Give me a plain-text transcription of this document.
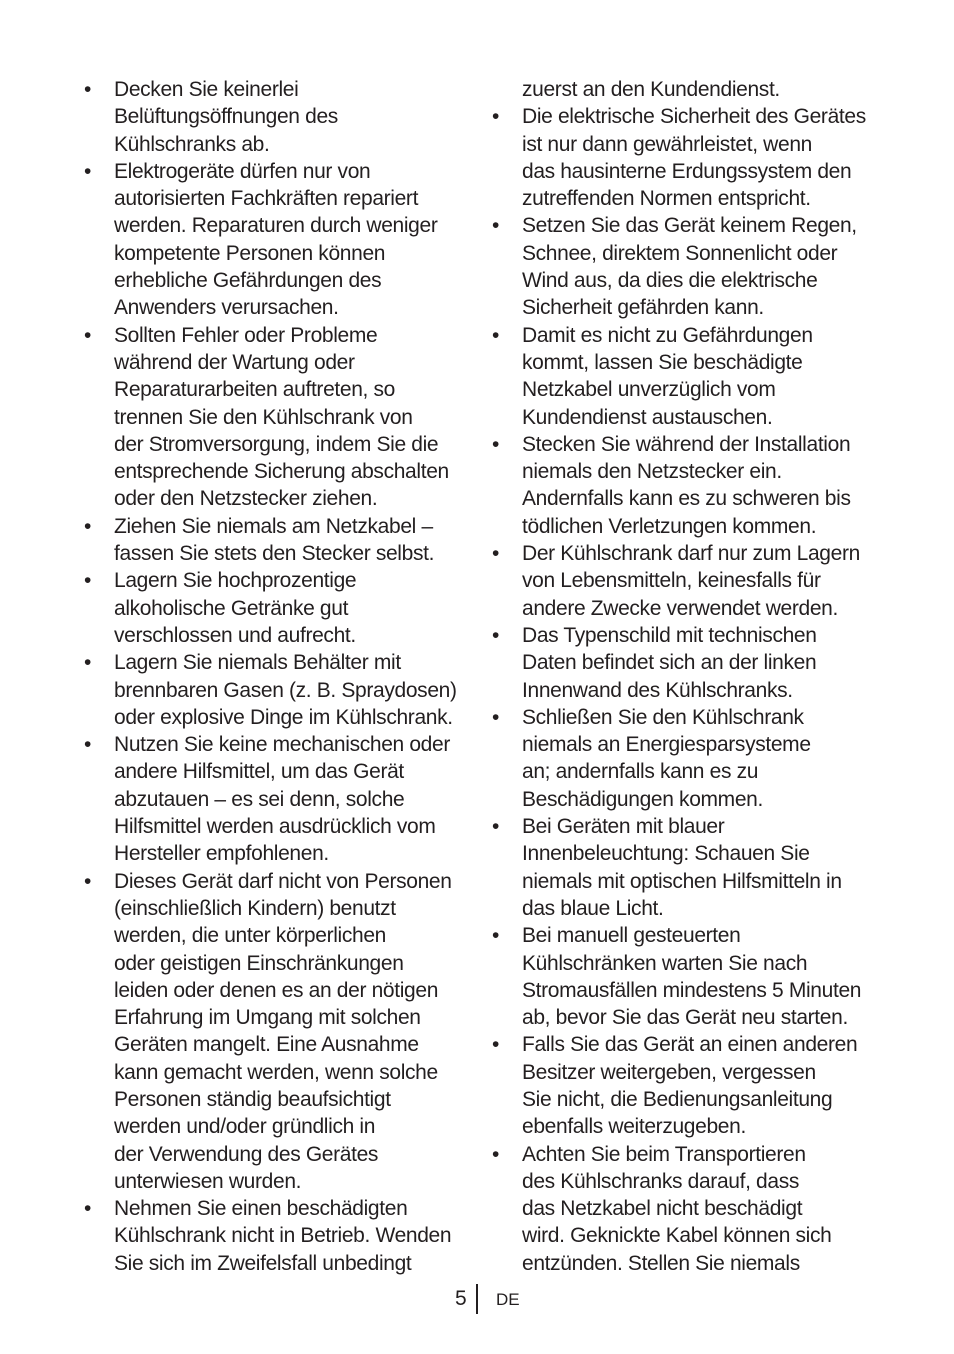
• Decken Sie keinerlei
Belüftungsöffnungen des
Kühlschranks ab.
• Elektrogeräte dürfen nur von
autorisierten Fachkräften repariert
werden. Reparaturen durch weniger
kompetente Personen können
erhebliche Gefährdungen des
Anwenders verursachen.
• Sollten Fehler oder Probleme
während der Wartung oder
Reparaturarbeiten auftreten, so
trennen Sie den Kühlschrank von
der Stromversorgung, indem Sie die
entsprechende Sicherung abschalten
oder den Netzstecker ziehen.
• Ziehen Sie niemals am Netzkabel –
fassen Sie stets den Stecker selbst.
• Lagern Sie hochprozentige
alkoholische Getränke gut
verschlossen und aufrecht.
• Lagern Sie niemals Behälter mit
brennbaren Gasen (z. B. Spraydosen)
oder explosive Dinge im Kühlschrank.
• Nutzen Sie keine mechanischen oder
andere Hilfsmittel, um das Gerät
abzutauen – es sei denn, solche
Hilfsmittel werden ausdrücklich vom
Hersteller empfohlenen.
• Dieses Gerät darf nicht von Personen
(einschließlich Kindern) benutzt
werden, die unter körperlichen
oder geistigen Einschränkungen
leiden oder denen es an der nötigen
Erfahrung im Umgang mit solchen
Geräten mangelt. Eine Ausnahme
kann gemacht werden, wenn solche
Personen ständig beaufsichtigt
werden und/oder gründlich in
der Verwendung des Gerätes
unterwiesen wurden.
• Nehmen Sie einen beschädigten
Kühlschrank nicht in Betrieb. Wenden
Sie sich im Zweifelsfall unbedingt
zuerst an den Kundendienst.
• Die elektrische Sicherheit des Gerätes
ist nur dann gewährleistet, wenn
das hausinterne Erdungssystem den
zutreffenden Normen entspricht.
• Setzen Sie das Gerät keinem Regen,
Schnee, direktem Sonnenlicht oder
Wind aus, da dies die elektrische
Sicherheit gefährden kann.
• Damit es nicht zu Gefährdungen
kommt, lassen Sie beschädigte
Netzkabel unverzüglich vom
Kundendienst austauschen.
• Stecken Sie während der Installation
niemals den Netzstecker ein.
Andernfalls kann es zu schweren bis
tödlichen Verletzungen kommen.
• Der Kühlschrank darf nur zum Lagern
von Lebensmitteln, keinesfalls für
andere Zwecke verwendet werden.
• Das Typenschild mit technischen
Daten befindet sich an der linken
Innenwand des Kühlschranks.
• Schließen Sie den Kühlschrank
niemals an Energiesparsysteme
an; andernfalls kann es zu
Beschädigungen kommen.
• Bei Geräten mit blauer
Innenbeleuchtung: Schauen Sie
niemals mit optischen Hilfsmitteln in
das blaue Licht.
• Bei manuell gesteuerten
Kühlschränken warten Sie nach
Stromausfällen mindestens 5 Minuten
ab, bevor Sie das Gerät neu starten.
• Falls Sie das Gerät an einen anderen
Besitzer weitergeben, vergessen
Sie nicht, die Bedienungsanleitung
ebenfalls weiterzugeben.
• Achten Sie beim Transportieren
des Kühlschranks darauf, dass
das Netzkabel nicht beschädigt
wird. Geknickte Kabel können sich
entzünden. Stellen Sie niemals
5 DE
